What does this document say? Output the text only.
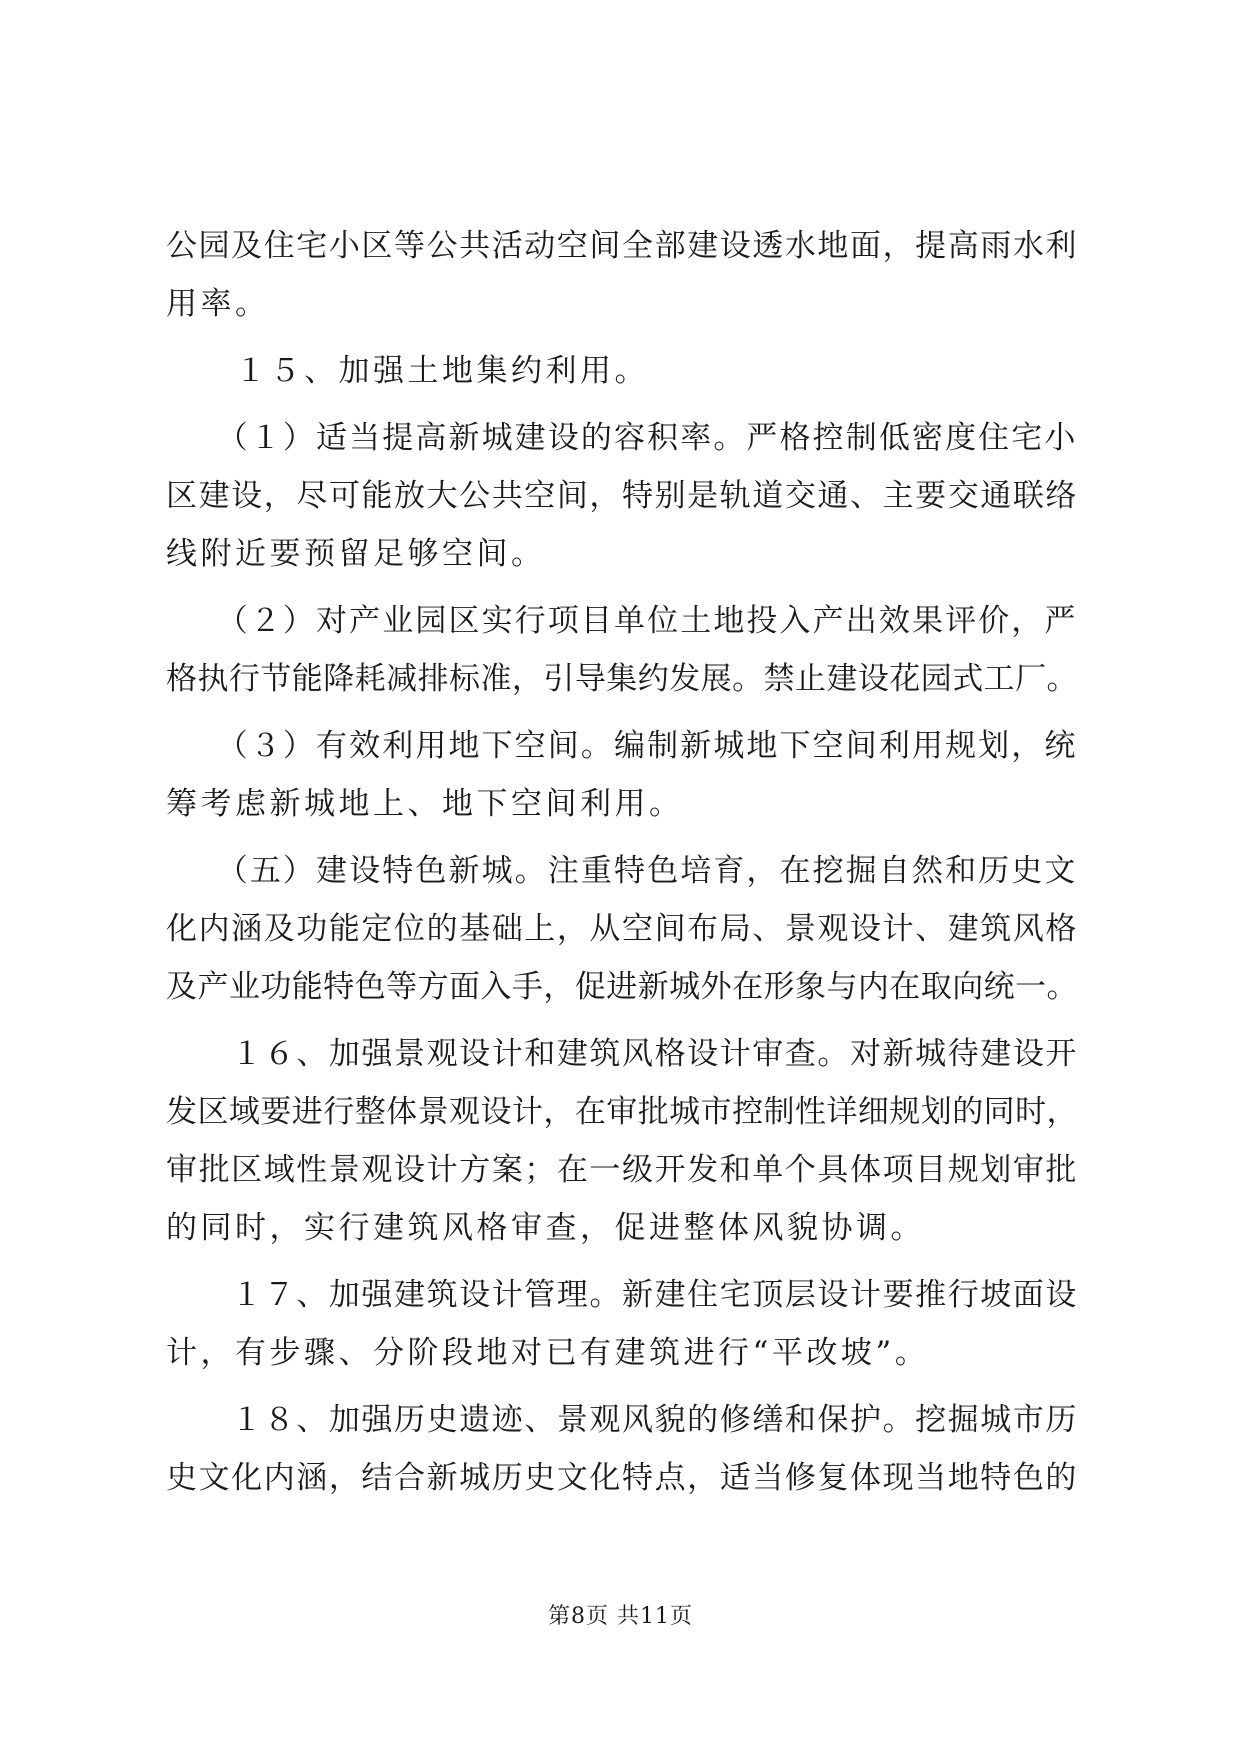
公园及住宅小区等公共活动空间全部建设透水地面，提高雨水利
用率。
　　１５、加强土地集约利用。
　　（１）适当提高新城建设的容积率。严格控制低密度住宅小
区建设，尽可能放大公共空间，特别是轨道交通、主要交通联络
线附近要预留足够空间。
　　（２）对产业园区实行项目单位土地投入产出效果评价，严
格执行节能降耗减排标准，引导集约发展。禁止建设花园式工厂。
　　（３）有效利用地下空间。编制新城地下空间利用规划，统
筹考虑新城地上、地下空间利用。
　　（五）建设特色新城。注重特色培育，在挖掘自然和历史文
化内涵及功能定位的基础上，从空间布局、景观设计、建筑风格
及产业功能特色等方面入手，促进新城外在形象与内在取向统一。
　　１６、加强景观设计和建筑风格设计审查。对新城待建设开
发区域要进行整体景观设计，在审批城市控制性详细规划的同时，
审批区域性景观设计方案；在一级开发和单个具体项目规划审批
的同时，实行建筑风格审查，促进整体风貌协调。
　　１７、加强建筑设计管理。新建住宅顶层设计要推行坡面设
计，有步骤、分阶段地对已有建筑进行“平改坡”。
　　１８、加强历史遗迹、景观风貌的修缮和保护。挖掘城市历
史文化内涵，结合新城历史文化特点，适当修复体现当地特色的
第8页 共11页
